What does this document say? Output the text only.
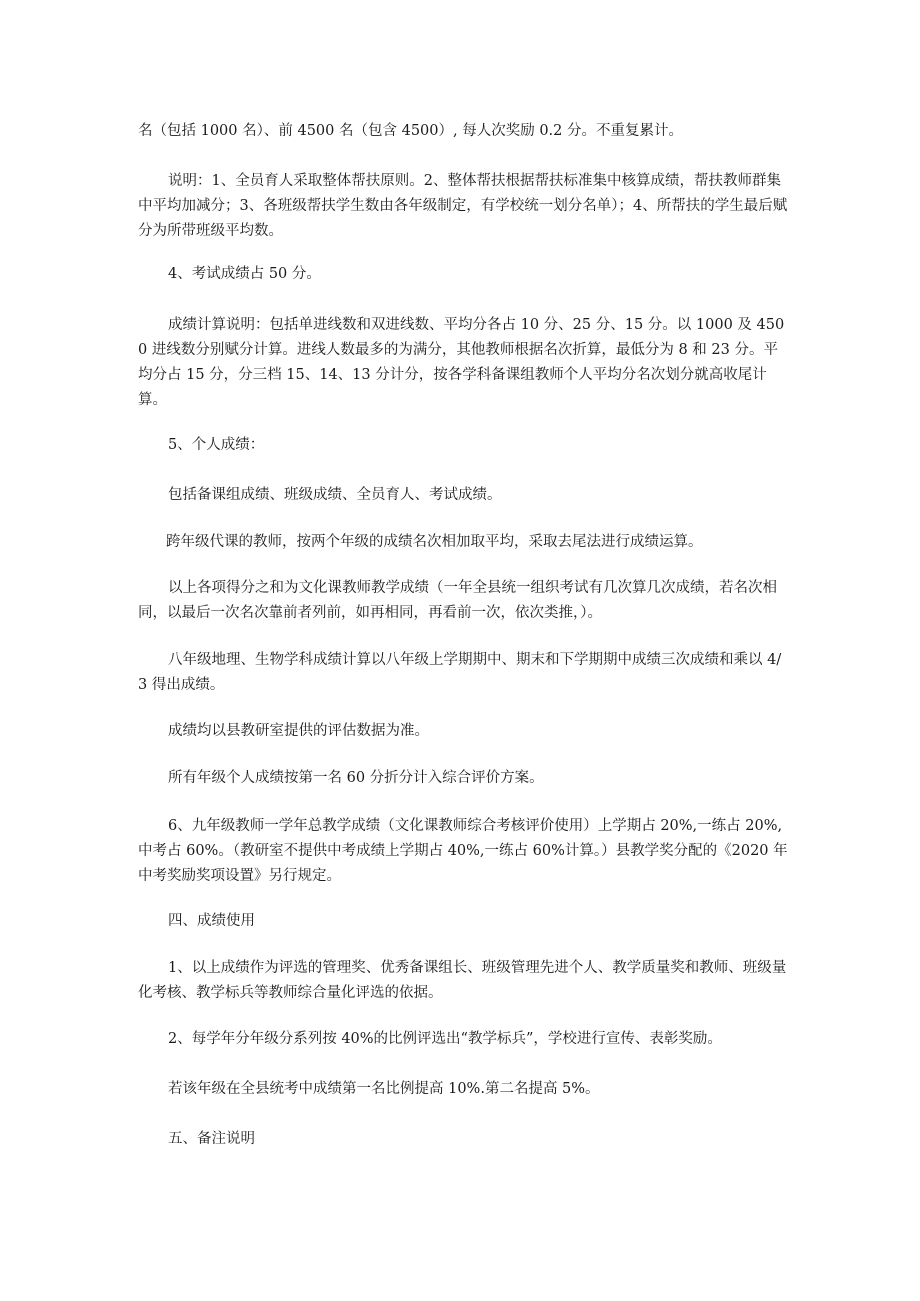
名（包括 1000 名）、前 4500 名（包含 4500）, 每人次奖励 0.2 分。不重复累计。

说明：1、全员育人采取整体帮扶原则。2、整体帮扶根据帮扶标准集中核算成绩，帮扶教师群集中平均加减分；3、各班级帮扶学生数由各年级制定，有学校统一划分名单）；4、所帮扶的学生最后赋分为所带班级平均数。

4、考试成绩占 50 分。

成绩计算说明：包括单进线数和双进线数、平均分各占 10 分、25 分、15 分。以 1000 及 4500 进线数分别赋分计算。进线人数最多的为满分，其他教师根据名次折算，最低分为 8 和 23 分。平均分占 15 分，分三档 15、14、13 分计分，按各学科备课组教师个人平均分名次划分就高收尾计算。

5、个人成绩：

包括备课组成绩、班级成绩、全员育人、考试成绩。

跨年级代课的教师，按两个年级的成绩名次相加取平均，采取去尾法进行成绩运算。

以上各项得分之和为文化课教师教学成绩（一年全县统一组织考试有几次算几次成绩，若名次相同，以最后一次名次靠前者列前，如再相同，再看前一次，依次类推，）。

八年级地理、生物学科成绩计算以八年级上学期期中、期末和下学期期中成绩三次成绩和乘以 4/3 得出成绩。

成绩均以县教研室提供的评估数据为准。

所有年级个人成绩按第一名 60 分折分计入综合评价方案。

6、九年级教师一学年总教学成绩（文化课教师综合考核评价使用）上学期占 20%,一练占 20%,中考占 60%。（教研室不提供中考成绩上学期占 40%,一练占 60%计算。）县教学奖分配的《2020 年中考奖励奖项设置》另行规定。

四、成绩使用

1、以上成绩作为评选的管理奖、优秀备课组长、班级管理先进个人、教学质量奖和教师、班级量化考核、教学标兵等教师综合量化评选的依据。

2、每学年分年级分系列按 40%的比例评选出“教学标兵”，学校进行宣传、表彰奖励。

若该年级在全县统考中成绩第一名比例提高 10%.第二名提高 5%。

五、备注说明
